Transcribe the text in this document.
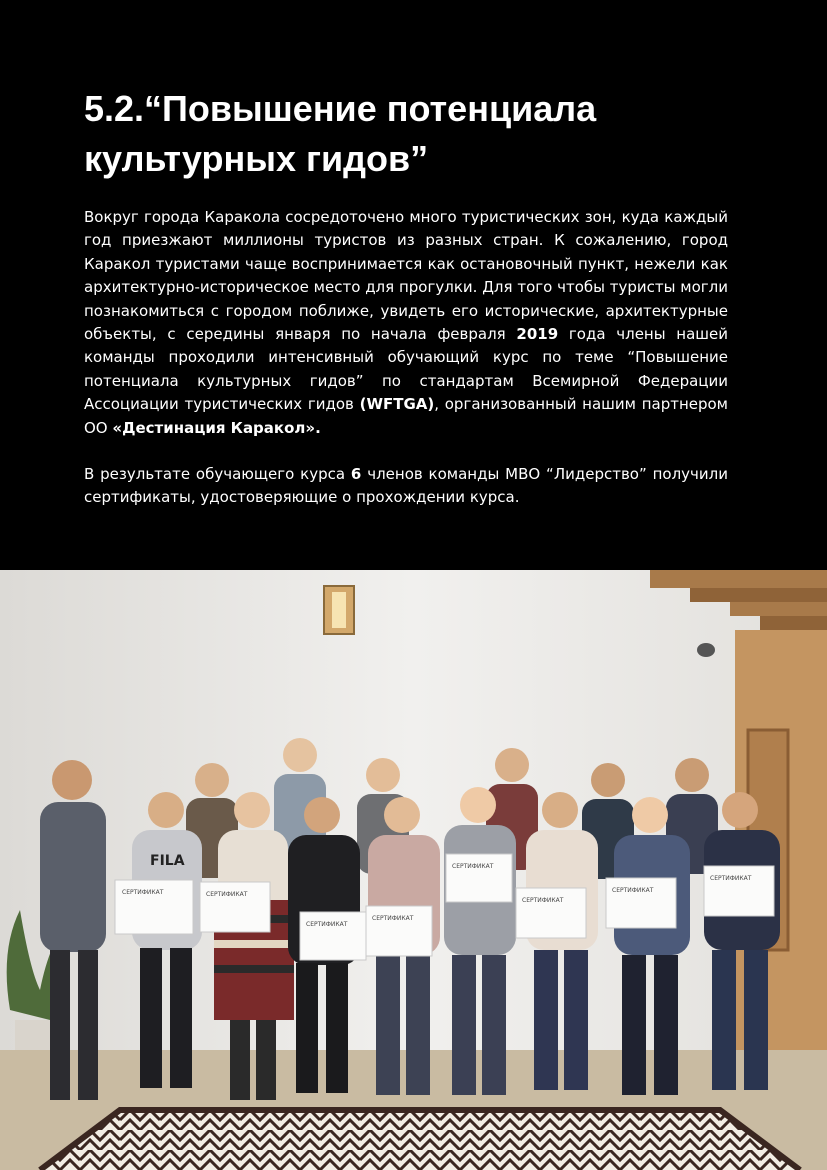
5.2.“Повышение потенциала
культурных гидов”

Вокруг города Каракола сосредоточено много туристических зон, куда каждый год приезжают миллионы туристов из разных стран. К сожалению, город Каракол туристами чаще воспринимается как остановочный пункт, нежели как архитектурно-историческое место для прогулки. Для того чтобы туристы могли познакомиться с городом поближе, увидеть его исторические, архитектурные объекты, с середины января по начала февраля 2019 года члены нашей команды проходили интенсивный обучающий курс по теме “Повышение потенциала культурных гидов” по стандартам Всемирной Федерации Ассоциации туристических гидов (WFTGA), организованный нашим партнером ОО «Дестинация Каракол».

В результате обучающего курса 6 членов команды МВО “Лидерство” получили сертификаты, удостоверяющие о прохождении курса.

FILA
СЕРТИФИКАТ	СЕРТИФИКАТ
СЕРТИФИКАТ
СЕРТИФИКАТ
СЕРТИФИКАТ
СЕРТИФИКАТ
СЕРТИФИКАТ
СЕРТИФИКАТ
